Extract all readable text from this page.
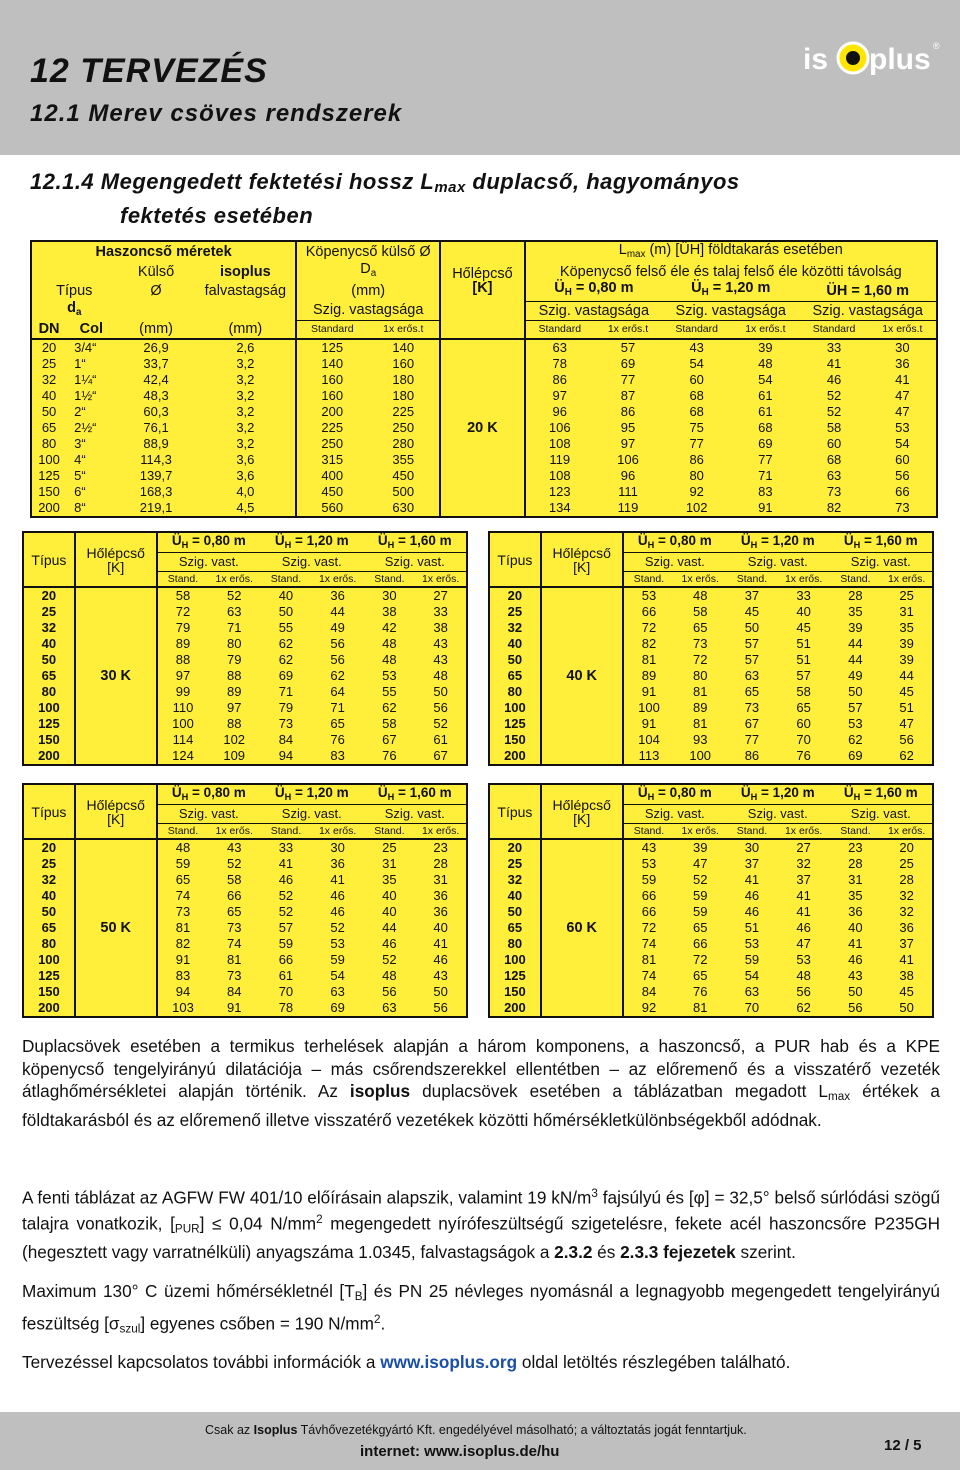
12 TERVEZÉS
12.1 Merev csöves rendszerek
is plus ®
12.1.4 Megengedett fektetési hossz $L_{max}$ duplacső, hagyományos
fektetés esetében
Haszoncső méretek				Köpenycső külső Ø		Hőlépcső
[K]	$L_{max}$ (m) [ÜH] földtakarás esetében					
		Külső	isoplus	$D_a$			Köpenycső felső éle és talaj felső éle közötti távolság					
Típus		Ø	falvastagság	(mm)			$Ü_H = 0,80$ m		$Ü_H = 1,20$ m		ÜH = 1,60 m	
$d_a$				Szig. vastagsága			Szig. vastagsága		Szig. vastagsága		Szig. vastagsága	
DN	Col	(mm)	(mm)	Standard	1x erős.t		Standard	1x erős.t	Standard	1x erős.t	Standard	1x erős.t
20	3/4“	26,9	2,6	125	140	20 K	63	57	43	39	33	30
25	1“	33,7	3,2	140	160		78	69	54	48	41	36
32	1¼“	42,4	3,2	160	180		86	77	60	54	46	41
40	1½“	48,3	3,2	160	180		97	87	68	61	52	47
50	2“	60,3	3,2	200	225		96	86	68	61	52	47
65	2½“	76,1	3,2	225	250		106	95	75	68	58	53
80	3“	88,9	3,2	250	280		108	97	77	69	60	54
100	4“	114,3	3,6	315	355		119	106	86	77	68	60
125	5“	139,7	3,6	400	450		108	96	80	71	63	56
150	6“	168,3	4,0	450	500		123	111	92	83	73	66
200	8“	219,1	4,5	560	630		134	119	102	91	82	73
Típus	Hőlépcső
[K]	$Ü_H = 0,80$ m		$Ü_H = 1,20$ m		$Ü_H = 1,60$ m	
		Szig. vast.		Szig. vast.		Szig. vast.	
		Stand.	1x erős.	Stand.	1x erős.	Stand.	1x erős.
20	30 K	58	52	40	36	30	27
25		72	63	50	44	38	33
32		79	71	55	49	42	38
40		89	80	62	56	48	43
50		88	79	62	56	48	43
65		97	88	69	62	53	48
80		99	89	71	64	55	50
100		110	97	79	71	62	56
125		100	88	73	65	58	52
150		114	102	84	76	67	61
200		124	109	94	83	76	67
Típus	Hőlépcső
[K]	$Ü_H = 0,80$ m		$Ü_H = 1,20$ m		$Ü_H = 1,60$ m	
		Szig. vast.		Szig. vast.		Szig. vast.	
		Stand.	1x erős.	Stand.	1x erős.	Stand.	1x erős.
20	40 K	53	48	37	33	28	25
25		66	58	45	40	35	31
32		72	65	50	45	39	35
40		82	73	57	51	44	39
50		81	72	57	51	44	39
65		89	80	63	57	49	44
80		91	81	65	58	50	45
100		100	89	73	65	57	51
125		91	81	67	60	53	47
150		104	93	77	70	62	56
200		113	100	86	76	69	62
Típus	Hőlépcső
[K]	$Ü_H = 0,80$ m		$Ü_H = 1,20$ m		$Ü_H = 1,60$ m	
		Szig. vast.		Szig. vast.		Szig. vast.	
		Stand.	1x erős.	Stand.	1x erős.	Stand.	1x erős.
20	50 K	48	43	33	30	25	23
25		59	52	41	36	31	28
32		65	58	46	41	35	31
40		74	66	52	46	40	36
50		73	65	52	46	40	36
65		81	73	57	52	44	40
80		82	74	59	53	46	41
100		91	81	66	59	52	46
125		83	73	61	54	48	43
150		94	84	70	63	56	50
200		103	91	78	69	63	56
Típus	Hőlépcső
[K]	$Ü_H = 0,80$ m		$Ü_H = 1,20$ m		$Ü_H = 1,60$ m	
		Szig. vast.		Szig. vast.		Szig. vast.	
		Stand.	1x erős.	Stand.	1x erős.	Stand.	1x erős.
20	60 K	43	39	30	27	23	20
25		53	47	37	32	28	25
32		59	52	41	37	31	28
40		66	59	46	41	35	32
50		66	59	46	41	36	32
65		72	65	51	46	40	36
80		74	66	53	47	41	37
100		81	72	59	53	46	41
125		74	65	54	48	43	38
150		84	76	63	56	50	45
200		92	81	70	62	56	50
Duplacsövek esetében a termikus terhelések alapján a három komponens, a haszoncső, a PUR hab és a KPE köpenycső tengelyirányú dilatációja – más csőrendszerekkel ellentétben – az előremenő és a visszatérő vezeték átlaghőmérsékletei alapján történik. Az isoplus duplacsövek esetében a táblázatban megadott $L_{max}$ értékek a földtakarásból és az előremenő illetve visszatérő vezetékek közötti hőmérsékletkülönbségekből adódnak.
A fenti táblázat az AGFW FW 401/10 előírásain alapszik, valamint 19 $kN/m^3$ fajsúlyú és [φ] = 32,5° belső súrlódási szögű talajra vonatkozik, $[_{PUR}] \le 0,04$ $N/mm^2$ megengedett nyírófeszültségű szigetelésre, fekete acél haszoncsőre P235GH (hegesztett vagy varratnélküli) anyagszáma 1.0345, falvastagságok a 2.3.2 és 2.3.3 fejezetek szerint.
Maximum 130° C üzemi hőmérsékletnél $[T_B]$ és PN 25 névleges nyomásnál a legnagyobb megengedett tengelyirányú feszültség $[\sigma_{szul}]$ egyenes csőben = 190 $N/mm^2$.
Tervezéssel kapcsolatos további információk a www.isoplus.org oldal letöltés részlegében található.
Csak az Isoplus Távhővezetékgyártó Kft. engedélyével másolható; a változtatás jogát fenntartjuk.
internet: www.isoplus.de/hu	12 / 5
